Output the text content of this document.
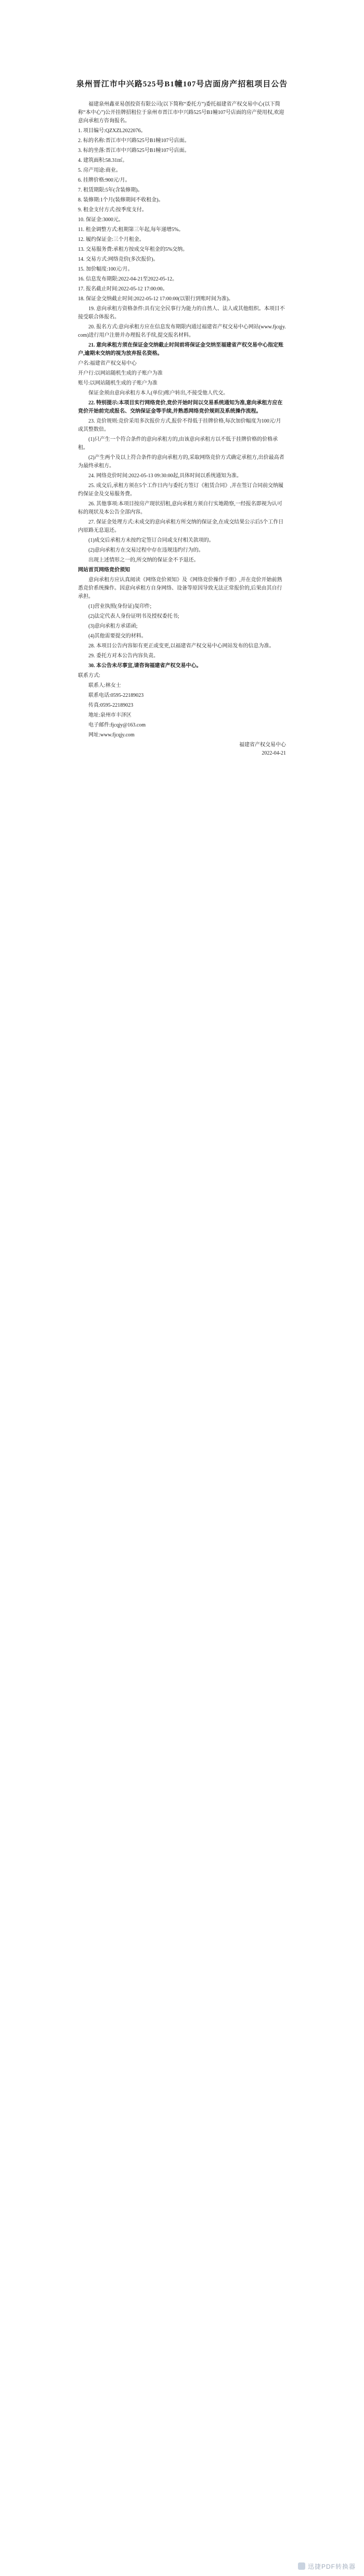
泉州晋江市中兴路525号B1幢107号店面房产招租项目公告

福建泉州鑫亚易创投资有限公司(以下简称“委托方”)委托福建省产权交易中心(以下简称“本中心”)公开挂牌招租位于泉州市晋江市中兴路525号B1幢107号店面的房产使用权,欢迎意向承租方咨询报名。

1. 项目编号:QZXZL2022076。

2. 标的名称:晋江市中兴路525号B1幢107号店面。

3. 标的坐落:晋江市中兴路525号B1幢107号店面。

4. 建筑面积:58.31㎡。

5. 房产用途:商业。

6. 挂牌价格:900元/月。

7. 租赁期限:5年(含装修期)。

8. 装修期:1个月(装修期间不收租金)。

9. 租金支付方式:按季度支付。

10. 保证金:3000元。

11. 租金调整方式:租期第三年起,每年递增5%。

12. 履约保证金:三个月租金。

13. 交易服务费:承租方按成交年租金的5%交纳。

14. 交易方式:网络竞价(多次报价)。

15. 加价幅度:100元/月。

16. 信息发布期限:2022-04-21至2022-05-12。

17. 报名截止时间:2022-05-12 17:00:00。

18. 保证金交纳截止时间:2022-05-12 17:00:00(以银行到账时间为准)。

19. 意向承租方资格条件:具有完全民事行为能力的自然人、法人或其他组织。本项目不接受联合体报名。

20. 报名方式:意向承租方应在信息发布期限内通过福建省产权交易中心网站(www.fjcqjy.com)进行用户注册并办理报名手续,提交报名材料。

21. 意向承租方须在保证金交纳截止时间前将保证金交纳至福建省产权交易中心指定账户,逾期未交纳的视为放弃报名资格。

户名:福建省产权交易中心

开户行:以网站随机生成的子账户为准

账号:以网站随机生成的子账户为准

保证金须由意向承租方本人(单位)账户转出,不接受他人代交。

22. 特别提示:本项目实行网络竞价,竞价开始时间以交易系统通知为准,意向承租方应在竞价开始前完成报名、交纳保证金等手续,并熟悉网络竞价规则及系统操作流程。

23. 竞价规则:竞价采用多次报价方式,报价不得低于挂牌价格,每次加价幅度为100元/月或其整数倍。

(1)只产生一个符合条件的意向承租方的,由该意向承租方以不低于挂牌价格的价格承租。

(2)产生两个及以上符合条件的意向承租方的,采取网络竞价方式确定承租方,出价最高者为最终承租方。

24. 网络竞价时间:2022-05-13 09:30:00起,具体时间以系统通知为准。

25. 成交后,承租方须在5个工作日内与委托方签订《租赁合同》,并在签订合同前交纳履约保证金及交易服务费。

26. 其他事项:本项目按房产现状招租,意向承租方须自行实地勘察,一经报名即视为认可标的现状及本公告全部内容。

27. 保证金处理方式:未成交的意向承租方所交纳的保证金,在成交结果公示后5个工作日内原路无息退还。

(1)成交后承租方未按约定签订合同或支付相关款项的。

(2)意向承租方在交易过程中存在违规违约行为的。

出现上述情形之一的,所交纳的保证金不予退还。

网站首页网络竞价须知

意向承租方应认真阅读《网络竞价须知》及《网络竞价操作手册》,并在竞价开始前熟悉竞价系统操作。因意向承租方自身网络、设备等原因导致无法正常报价的,后果由其自行承担。

(1)营业执照(身份证)复印件;

(2)法定代表人身份证明书及授权委托书;

(3)意向承租方承诺函;

(4)其他需要提交的材料。

28. 本项目公告内容如有更正或变更,以福建省产权交易中心网站发布的信息为准。

29. 委托方对本公告内容负责。

30. 本公告未尽事宜,请咨询福建省产权交易中心。

联系方式:

联系人:林女士

联系电话:0595-22189023

传真:0595-22189023

地址:泉州市丰泽区

电子邮件:fjcqjy@163.com

网址:www.fjcqjy.com

福建省产权交易中心
2022-04-21
迅捷PDF转换器
